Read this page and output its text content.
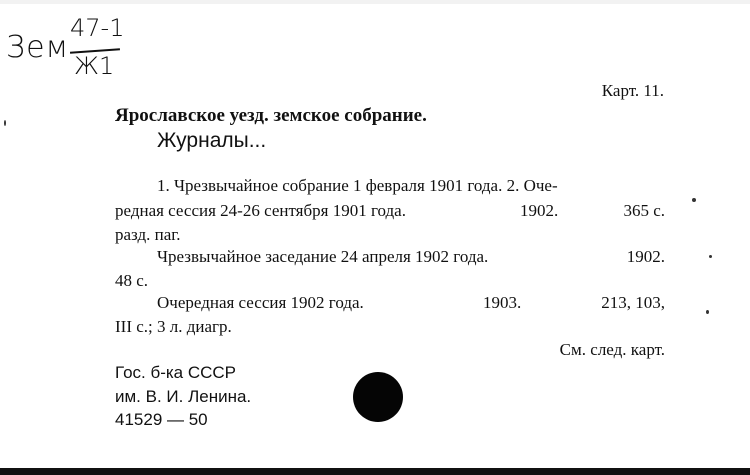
Зем
47-1
Ж1
Карт. 11.
Ярославское уезд. земское собрание.
Журналы...
1. Чрезвычайное собрание 1 февраля 1901 года. 2. Оче-
редная сессия 24-26 сентября 1901 года.	1902.	365 с.
разд. паг.
Чрезвычайное заседание 24 апреля 1902 года.	1902.
48 с.
Очередная сессия 1902 года.	1903.	213, 103,
III с.; 3 л. диагр.
См. след. карт.
Гос. б-ка СССР
им. В. И. Ленина.
41529 — 50
